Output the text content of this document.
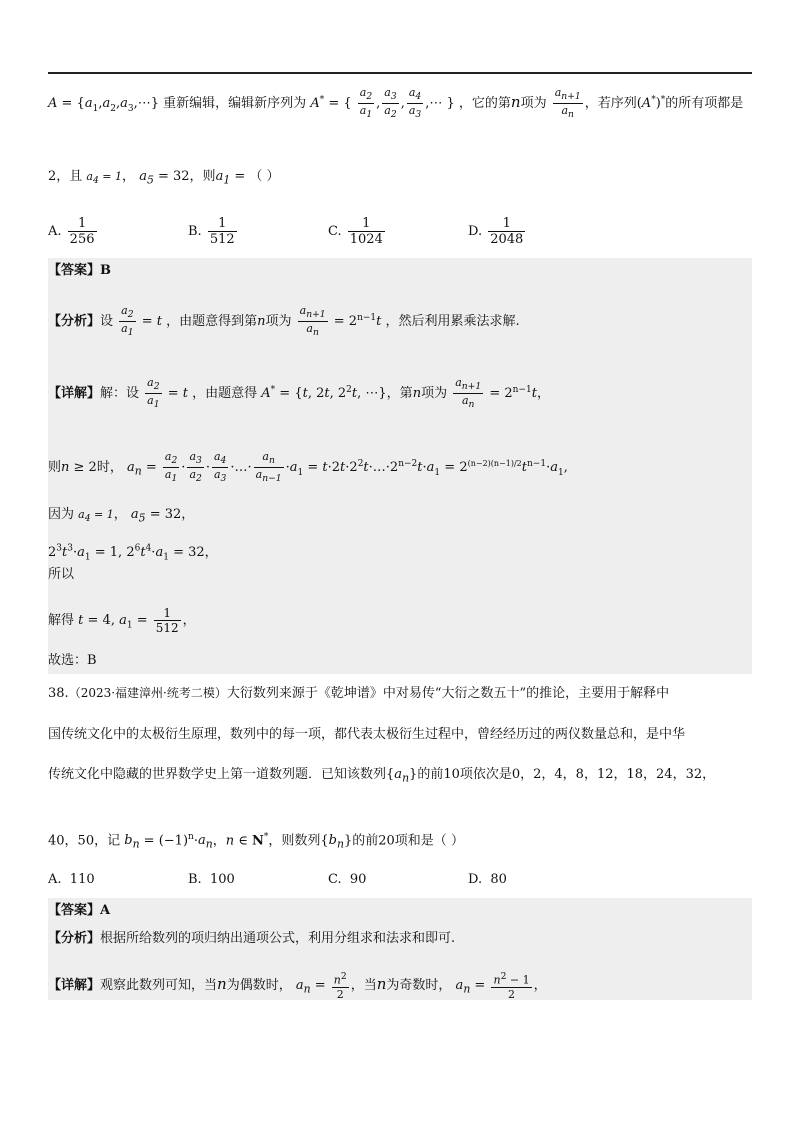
$A = \{a_1,a_2,a_3,\cdots\}$ 重新编辑，编辑新序列为 A* = { $\frac{a_2}{a_1}$ , $\frac{a_3}{a_2}$ , $\frac{a_4}{a_3}$ ,⋯ } ，它的第n项为 $\frac{a_{n+1}}{a_n}$ ，若序列(A*)*的所有项都是
2，且 $a_4 = 1$， $a_5 = 32$，则$a_1$ = （ ）
A. $\frac{1}{256}$	B. $\frac{1}{512}$	C. $\frac{1}{1024}$	D. $\frac{1}{2048}$
【答案】B
【分析】设 $\frac{a_2}{a_1} = t$ ，由题意得到第n项为 $\frac{a_{n+1}}{a_n} = 2^{n-1}t$ ，然后利用累乘法求解.
【详解】解：设 $\frac{a_2}{a_1} = t$ ，由题意得 A* = {t, 2t, $2^2t$, ⋯}，第n项为 $\frac{a_{n+1}}{a_n} = 2^{n-1}t$，
则n ≥ 2时， $a_n = \frac{a_2}{a_1} \cdot \frac{a_3}{a_2} \cdot \frac{a_4}{a_3}$ ·…· $\frac{a_n}{a_{n-1}} \cdot a_1$ = $t\cdot 2t\cdot 2^2t\cdot\dots\cdot 2^{n-2}t\cdot a_1 = 2^{(n-2)(n-1)/2}t^{n-1}\cdot a_1$,
因为 $a_4 = 1$， $a_5 = 32$，
$2^3t^3\cdot a_1 = 1$, $2^6t^4\cdot a_1 = 32$，
所以
解得 t = 4, $a_1 = \frac{1}{512}$ ，
故选：B
38.（2023·福建漳州·统考二模）大衍数列来源于《乾坤谱》中对易传“大衍之数五十”的推论，主要用于解释中
国传统文化中的太极衍生原理，数列中的每一项，都代表太极衍生过程中，曾经经历过的两仪数量总和，是中华
传统文化中隐藏的世界数学史上第一道数列题．已知该数列$\{a_n\}$的前10项依次是0，2，4，8，12，18，24，32，
40，50，记 $b_n = (-1)^n\cdot a_n$，n ∈ N*，则数列$\{b_n\}$的前20项和是（ ）
A. 110	B. 100	C. 90	D. 80
【答案】A
【分析】根据所给数列的项归纳出通项公式，利用分组求和法求和即可.
【详解】观察此数列可知，当n为偶数时， $a_n = \frac{n^2}{2}$ ，当n为奇数时， $a_n = \frac{n^2 - 1}{2}$ ，
